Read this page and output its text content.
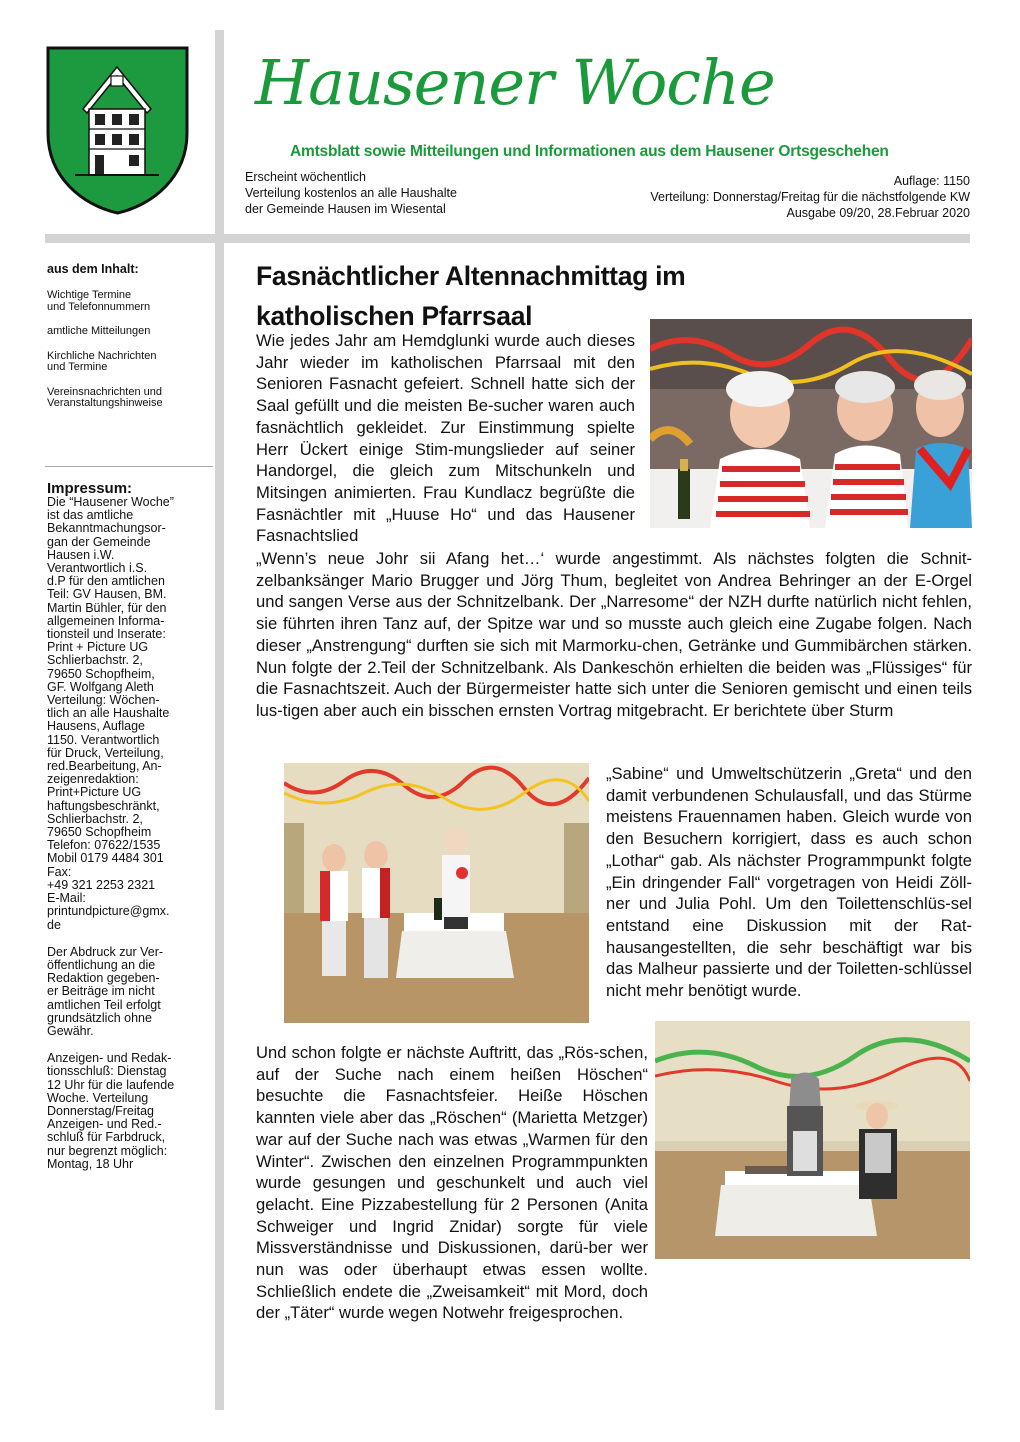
Hausener Woche
Amtsblatt sowie Mitteilungen und Informationen aus dem Hausener Ortsgeschehen
Erscheint wöchentlich
Verteilung kostenlos an alle Haushalte
der Gemeinde Hausen im Wiesental
Auflage: 1150
Verteilung: Donnerstag/Freitag für die nächstfolgende KW
Ausgabe 09/20, 28.Februar 2020
aus dem Inhalt:

Wichtige Termine
und Telefonnummern

amtliche Mitteilungen

Kirchliche Nachrichten
und Termine

Vereinsnachrichten und
Veranstaltungshinweise

Impressum:

Die “Hausener Woche”
ist das amtliche
Bekanntmachungsor-
gan der Gemeinde
Hausen i.W.
Verantwortlich i.S.
d.P für den amtlichen
Teil: GV Hausen, BM.
Martin Bühler, für den
allgemeinen Informa-
tionsteil und Inserate:
Print + Picture UG
Schlierbachstr. 2,
79650 Schopfheim,
GF. Wolfgang Aleth
Verteilung: Wöchen-
tlich an alle Haushalte
Hausens, Auflage
1150. Verantwortlich
für Druck, Verteilung,
red.Bearbeitung, An-
zeigenredaktion:
Print+Picture UG
haftungsbeschränkt,
Schlierbachstr. 2,
79650 Schopfheim
Telefon: 07622/1535
Mobil 0179 4484 301
Fax:
+49 321 2253 2321
E-Mail:
printundpicture@gmx.
de

Der Abdruck zur Ver-
öffentlichung an die
Redaktion gegeben-
er Beiträge im nicht
amtlichen Teil erfolgt
grundsätzlich ohne
Gewähr.

Anzeigen- und Redak-
tionsschluß: Dienstag
12 Uhr für die laufende
Woche. Verteilung
Donnerstag/Freitag
Anzeigen- und Red.-
schluß für Farbdruck,
nur begrenzt möglich:
Montag, 18 Uhr

Fasnächtlicher Altennachmittag im
katholischen Pfarrsaal

Wie jedes Jahr am Hemdglunki wurde auch dieses Jahr wieder im katholischen Pfarrsaal mit den Senioren Fasnacht gefeiert. Schnell hatte sich der Saal gefüllt und die meisten Be-sucher waren auch fasnächtlich gekleidet. Zur Einstimmung spielte Herr Ückert einige Stim-mungslieder auf seiner Handorgel, die gleich zum Mitschunkeln und Mitsingen animierten. Frau Kundlacz begrüßte die Fasnächtler mit „Huuse Ho“ und das Hausener Fasnachtslied

„Wenn’s neue Johr sii Afang het…‘ wurde angestimmt. Als nächstes folgten die Schnit-zelbanksänger Mario Brugger und Jörg Thum, begleitet von Andrea Behringer an der E-Orgel und sangen Verse aus der Schnitzelbank. Der „Narresome“ der NZH durfte natürlich nicht fehlen, sie führten ihren Tanz auf, der Spitze war und so musste auch gleich eine Zugabe folgen. Nach dieser „Anstrengung“ durften sie sich mit Marmorku-chen, Getränke und Gummibärchen stärken. Nun folgte der 2.Teil der Schnitzelbank. Als Dankeschön erhielten die beiden was „Flüssiges“ für die Fasnachtszeit. Auch der Bürgermeister hatte sich unter die Senioren gemischt und einen teils lus-tigen aber auch ein bisschen ernsten Vortrag mitgebracht. Er berichtete über Sturm

„Sabine“ und Umweltschützerin „Greta“ und den damit verbundenen Schulausfall, und das Stürme meistens Frauennamen haben. Gleich wurde von den Besuchern korrigiert, dass es auch schon „Lothar“ gab. Als nächster Programmpunkt folgte „Ein dringender Fall“ vorgetragen von Heidi Zöll-ner und Julia Pohl. Um den Toilettenschlüs-sel entstand eine Diskussion mit der Rat-hausangestellten, die sehr beschäftigt war bis das Malheur passierte und der Toiletten-schlüssel nicht mehr benötigt wurde.

Und schon folgte er nächste Auftritt, das „Rös-schen, auf der Suche nach einem heißen Höschen“ besuchte die Fasnachtsfeier. Heiße Höschen kannten viele aber das „Röschen“ (Marietta Metzger) war auf der Suche nach was etwas „Warmen für den Winter“. Zwischen den einzelnen Programmpunkten wurde gesungen und geschunkelt und auch viel gelacht. Eine Pizzabestellung für 2 Personen (Anita Schweiger und Ingrid Znidar) sorgte für viele Missverständnisse und Diskussionen, darü-ber wer nun was oder überhaupt etwas essen wollte. Schließlich endete die „Zweisamkeit“ mit Mord, doch der „Täter“ wurde wegen Notwehr freigesprochen.
